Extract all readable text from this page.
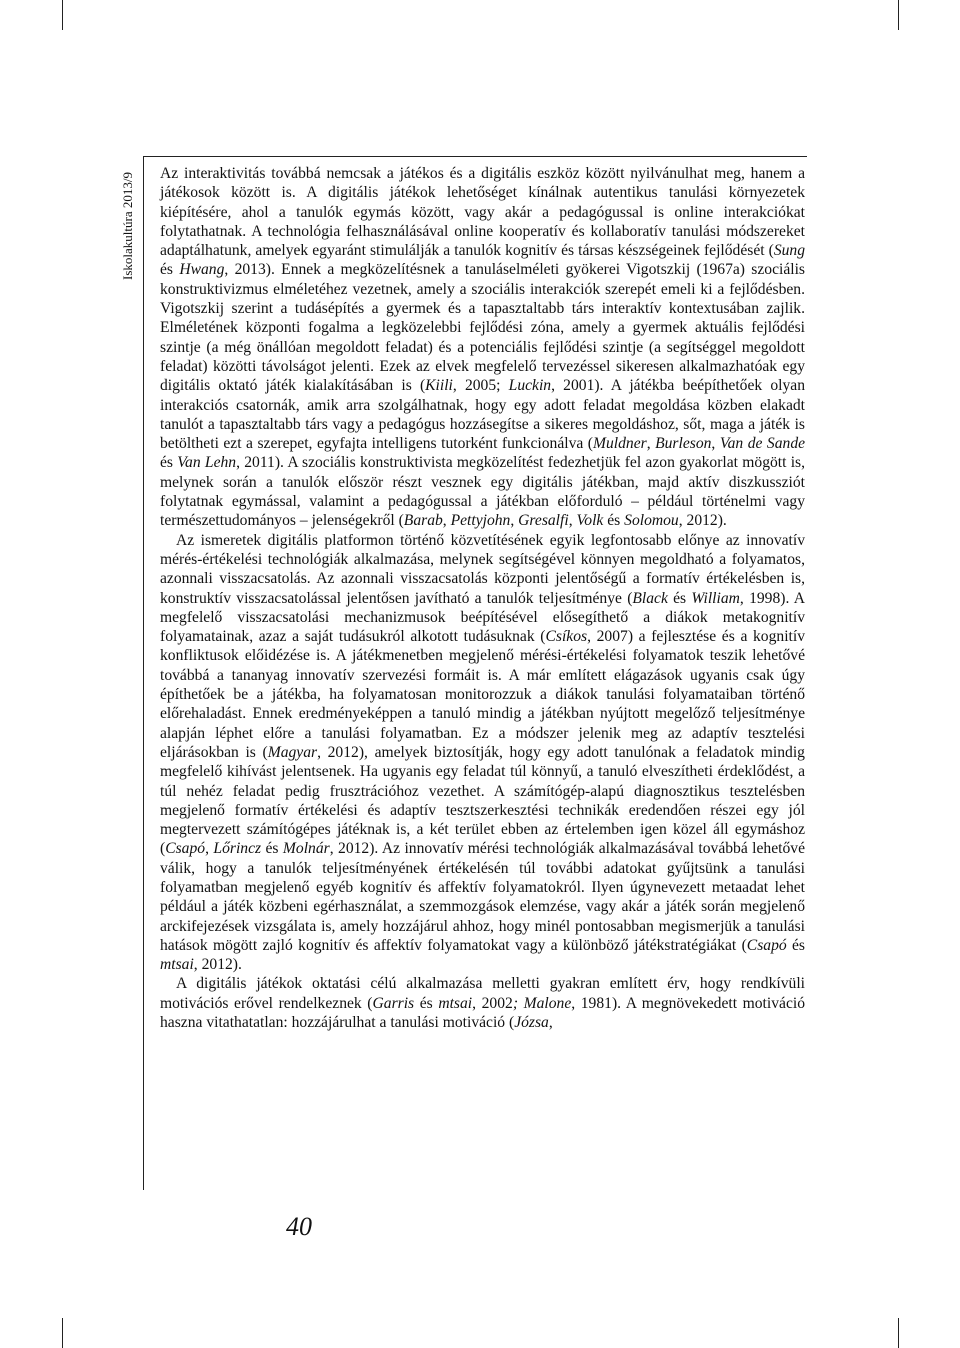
Iskolakultúra 2013/9 Az interaktivitás továbbá nemcsak a játékos és a digitális eszköz között nyilvánulhat meg, hanem a játékosok között is. A digitális játékok lehetőséget kínálnak autentikus tanulási környezetek kiépítésére, ahol a tanulók egymás között, vagy akár a pedagógussal is online interakciókat folytathatnak. A technológia felhasználásával online kooperatív és kollaboratív tanulási módszereket adaptálhatunk, amelyek egyaránt stimulálják a tanulók kognitív és társas készségeinek fejlődését (Sung és Hwang, 2013). Ennek a megközelítésnek a tanuláselméleti gyökerei Vigotszkij (1967a) szociális konstruktivizmus elméletéhez vezetnek, amely a szociális interakciók szerepét emeli ki a fejlődésben. Vigotszkij szerint a tudásépítés a gyermek és a tapasztaltabb társ interaktív kontextusában zajlik. Elméletének központi fogalma a legközelebbi fejlődési zóna, amely a gyermek aktuális fejlődési szintje (a még önállóan megoldott feladat) és a potenciális fejlődési szintje (a segítséggel megoldott feladat) közötti távolságot jelenti. Ezek az elvek megfelelő tervezéssel sikeresen alkalmazhatóak egy digitális oktató játék kialakításában is (Kiili, 2005; Luckin, 2001). A játékba beépíthetőek olyan interakciós csatornák, amik arra szolgálhatnak, hogy egy adott feladat megoldása közben elakadt tanulót a tapasztaltabb társ vagy a pedagógus hozzásegítse a sikeres megoldáshoz, sőt, maga a játék is betöltheti ezt a szerepet, egyfajta intelligens tutorként funkcionálva (Muldner, Burleson, Van de Sande és Van Lehn, 2011). A szociális konstruktivista megközelítést fedezhetjük fel azon gyakorlat mögött is, melynek során a tanulók először részt vesznek egy digitális játékban, majd aktív diszkussziót folytatnak egymással, valamint a pedagógussal a játékban előforduló – például történelmi vagy természettudományos – jelenségekről (Barab, Pettyjohn, Gresalfi, Volk és Solomou, 2012).

Az ismeretek digitális platformon történő közvetítésének egyik legfontosabb előnye az innovatív mérés-értékelési technológiák alkalmazása, melynek segítségével könnyen megoldható a folyamatos, azonnali visszacsatolás. Az azonnali visszacsatolás központi jelentőségű a formatív értékelésben is, konstruktív visszacsatolással jelentősen javítható a tanulók teljesítménye (Black és William, 1998). A megfelelő visszacsatolási mechanizmusok beépítésével elősegíthető a diákok metakognitív folyamatainak, azaz a saját tudásukról alkotott tudásuknak (Csíkos, 2007) a fejlesztése és a kognitív konfliktusok előidézése is. A játékmenetben megjelenő mérési-értékelési folyamatok teszik lehetővé továbbá a tananyag innovatív szervezési formáit is. A már említett elágazások ugyanis csak úgy építhetőek be a játékba, ha folyamatosan monitorozzuk a diákok tanulási folyamataiban történő előrehaladást. Ennek eredményeképpen a tanuló mindig a játékban nyújtott megelőző teljesítménye alapján léphet előre a tanulási folyamatban. Ez a módszer jelenik meg az adaptív tesztelési eljárásokban is (Magyar, 2012), amelyek biztosítják, hogy egy adott tanulónak a feladatok mindig megfelelő kihívást jelentsenek. Ha ugyanis egy feladat túl könnyű, a tanuló elveszítheti érdeklődést, a túl nehéz feladat pedig frusztrációhoz vezethet. A számítógép-alapú diagnosztikus tesztelésben megjelenő formatív értékelési és adaptív tesztszerkesztési technikák eredendően részei egy jól megtervezett számítógépes játéknak is, a két terület ebben az értelemben igen közel áll egymáshoz (Csapó, Lőrincz és Molnár, 2012). Az innovatív mérési technológiák alkalmazásával továbbá lehetővé válik, hogy a tanulók teljesítményének értékelésén túl további adatokat gyűjtsünk a tanulási folyamatban megjelenő egyéb kognitív és affektív folyamatokról. Ilyen úgynevezett metaadat lehet például a játék közbeni egérhasználat, a szemmozgások elemzése, vagy akár a játék során megjelenő arckifejezések vizsgálata is, amely hozzájárul ahhoz, hogy minél pontosabban megismerjük a tanulási hatások mögött zajló kognitív és affektív folyamatokat vagy a különböző játékstratégiákat (Csapó és mtsai, 2012).

A digitális játékok oktatási célú alkalmazása melletti gyakran említett érv, hogy rendkívüli motivációs erővel rendelkeznek (Garris és mtsai, 2002; Malone, 1981). A megnövekedett motiváció haszna vitathatatlan: hozzájárulhat a tanulási motiváció (Józsa,

40
